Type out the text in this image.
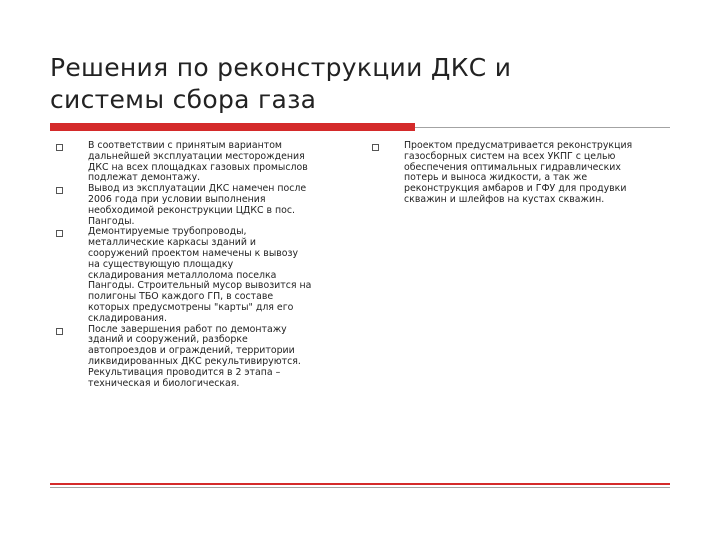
Решения по реконструкции ДКС и
системы сбора газа
В соответствии с принятым вариантом
дальнейшей эксплуатации месторождения
ДКС на всех площадках газовых промыслов
подлежат демонтажу.
Вывод из эксплуатации ДКС намечен после
2006 года при условии выполнения
необходимой реконструкции ЦДКС в пос.
Пангоды.
Демонтируемые трубопроводы,
металлические каркасы зданий и
сооружений проектом намечены к вывозу
на существующую площадку
складирования металлолома поселка
Пангоды. Строительный мусор вывозится на
полигоны ТБО каждого ГП, в составе
которых предусмотрены "карты" для его
складирования.
После завершения работ по демонтажу
зданий и сооружений, разборке
автопроездов и ограждений, территории
ликвидированных ДКС рекультивируются.
Рекультивация проводится в 2 этапа –
техническая и биологическая.
Проектом предусматривается реконструкция
газосборных систем на всех УКПГ с целью
обеспечения оптимальных гидравлических
потерь и выноса жидкости, а так же
реконструкция амбаров и ГФУ для продувки
скважин и шлейфов на кустах скважин.
